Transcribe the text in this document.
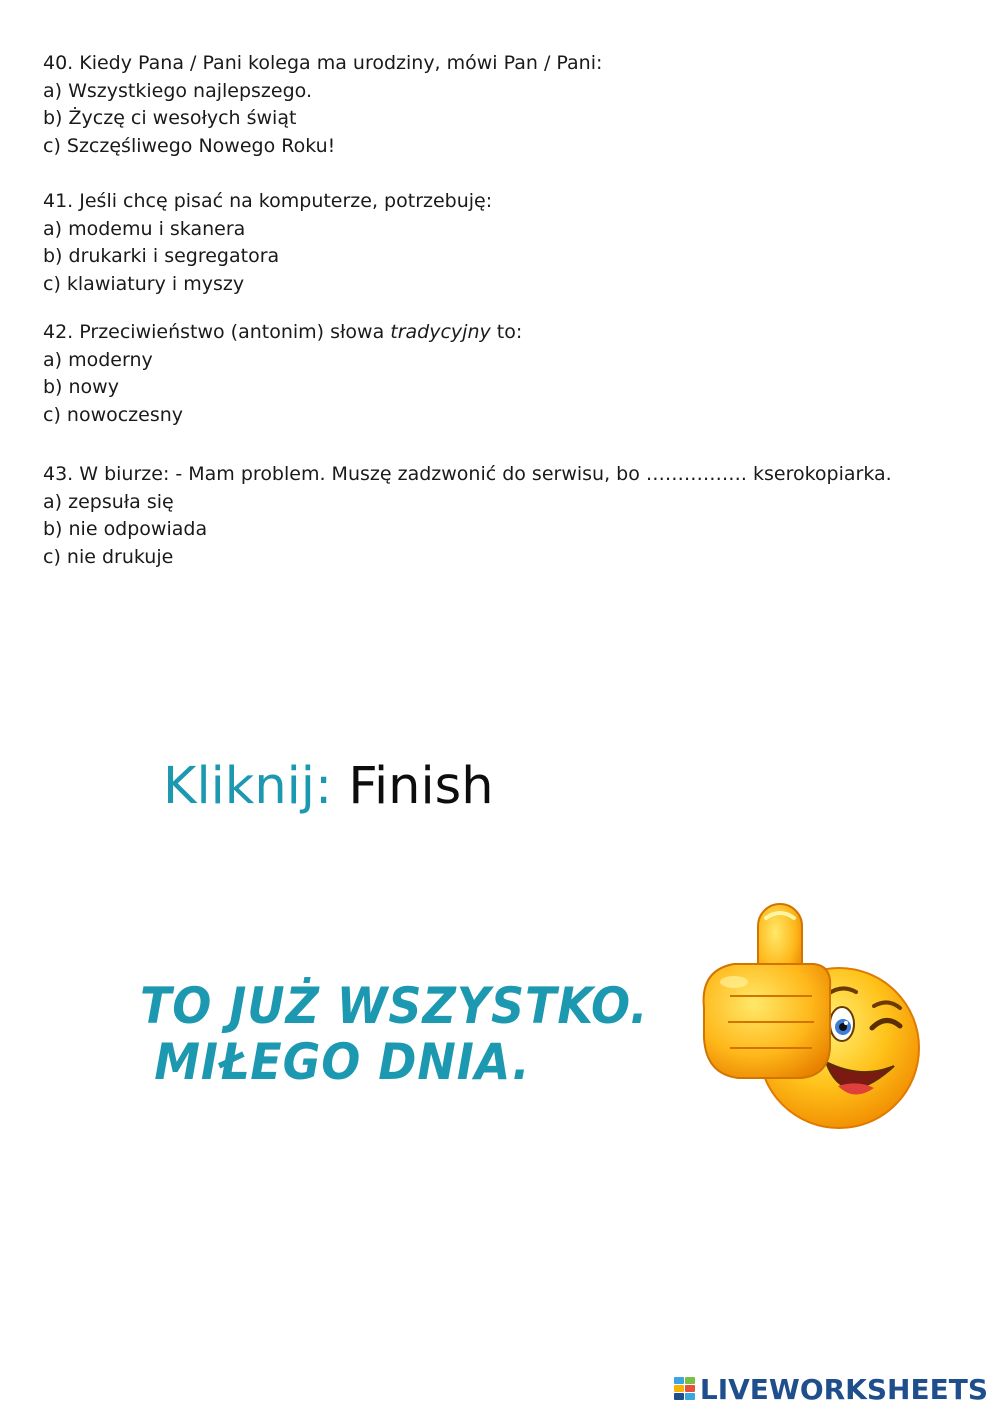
40. Kiedy Pana / Pani kolega ma urodziny, mówi Pan / Pani:
a) Wszystkiego najlepszego.
b) Życzę ci wesołych świąt
c) Szczęśliwego Nowego Roku!
41. Jeśli chcę pisać na komputerze, potrzebuję:
a) modemu i skanera
b) drukarki i segregatora
c) klawiatury i myszy
42. Przeciwieństwo (antonim) słowa tradycyjny to:
a) moderny
b) nowy
c) nowoczesny
43. W biurze: - Mam problem. Muszę zadzwonić do serwisu, bo ……………. kserokopiarka.
a) zepsuła się
b) nie odpowiada
c) nie drukuje
Kliknij: Finish
TO JUŻ WSZYSTKO.
MIŁEGO DNIA.
LIVEWORKSHEETS
